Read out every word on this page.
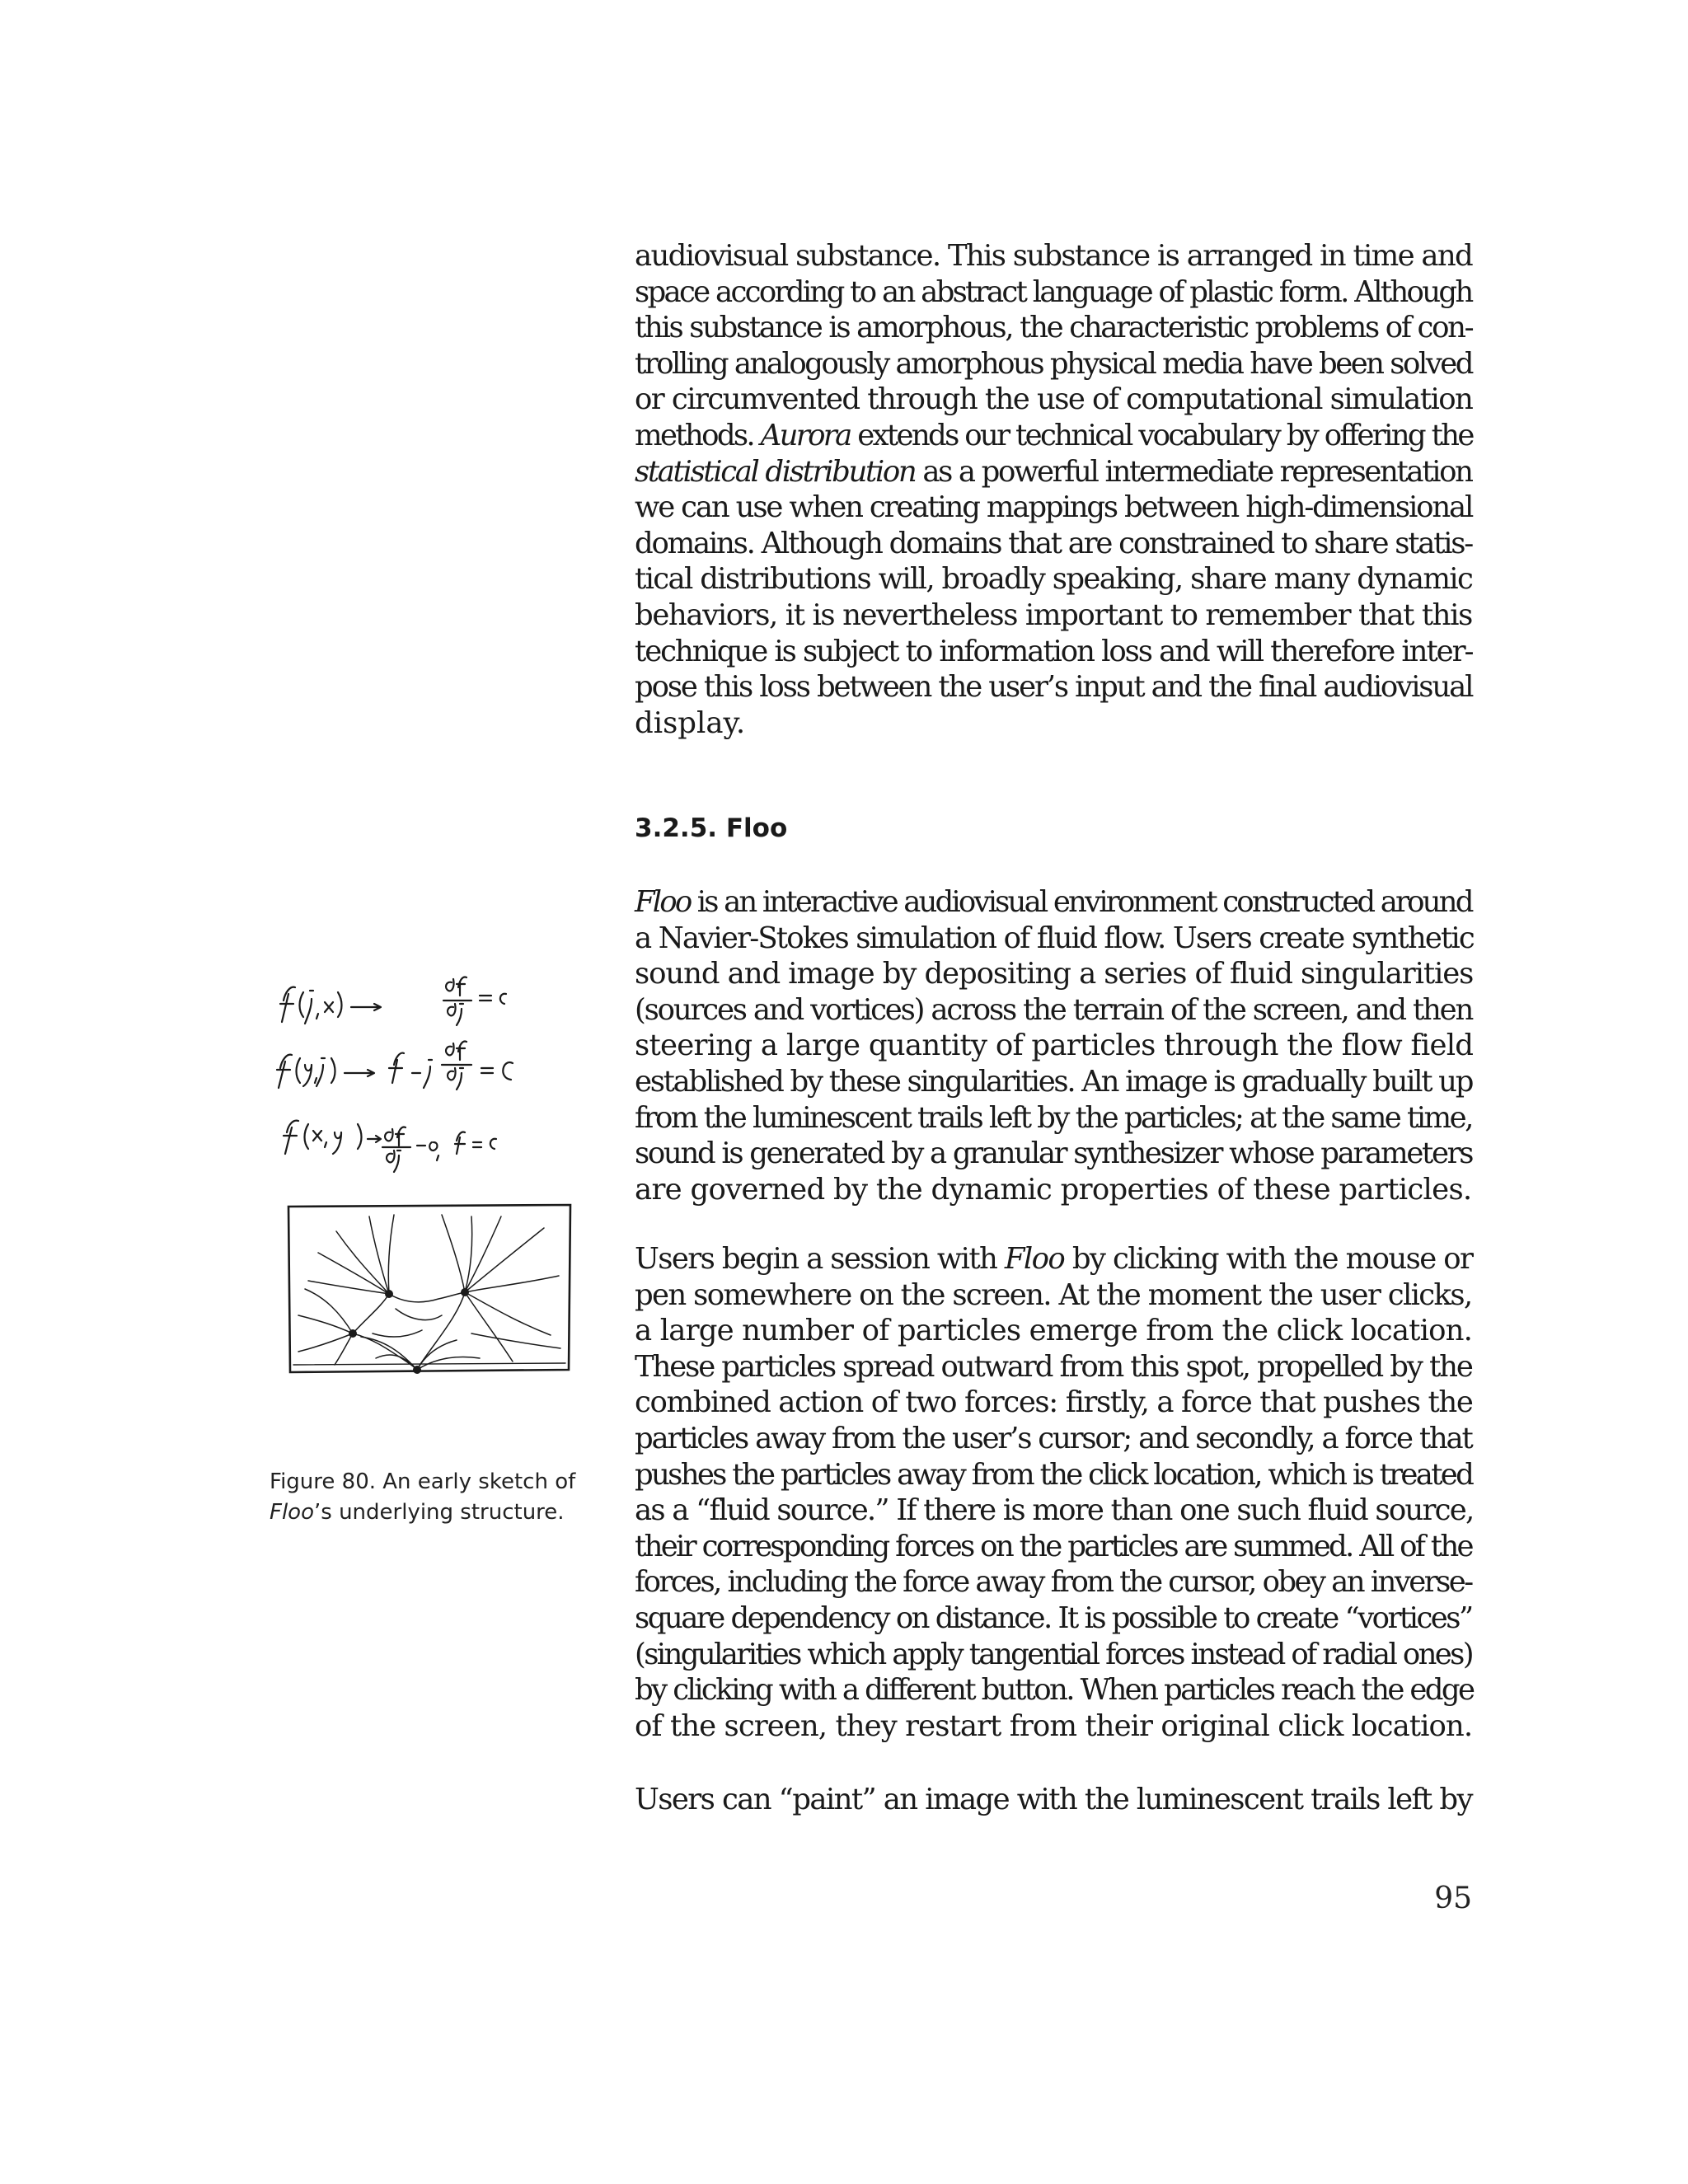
audiovisual substance. This substance is arranged in time and
space according to an abstract language of plastic form. Although
this substance is amorphous, the characteristic problems of con-
trolling analogously amorphous physical media have been solved
or circumvented through the use of computational simulation
methods. Aurora extends our technical vocabulary by offering the
statistical distribution as a powerful intermediate representation
we can use when creating mappings between high-dimensional
domains. Although domains that are constrained to share statis-
tical distributions will, broadly speaking, share many dynamic
behaviors, it is nevertheless important to remember that this
technique is subject to information loss and will therefore inter-
pose this loss between the user’s input and the final audiovisual
display.
3.2.5. Floo
Floo is an interactive audiovisual environment constructed around
a Navier-Stokes simulation of fluid flow. Users create synthetic
sound and image by depositing a series of fluid singularities
(sources and vortices) across the terrain of the screen, and then
steering a large quantity of particles through the flow field
established by these singularities. An image is gradually built up
from the luminescent trails left by the particles; at the same time,
sound is generated by a granular synthesizer whose parameters
are governed by the dynamic properties of these particles.
Users begin a session with Floo by clicking with the mouse or
pen somewhere on the screen. At the moment the user clicks,
a large number of particles emerge from the click location.
These particles spread outward from this spot, propelled by the
combined action of two forces: firstly, a force that pushes the
particles away from the user’s cursor; and secondly, a force that
pushes the particles away from the click location, which is treated
as a “fluid source.” If there is more than one such fluid source,
their corresponding forces on the particles are summed. All of the
forces, including the force away from the cursor, obey an inverse-
square dependency on distance. It is possible to create “vortices”
(singularities which apply tangential forces instead of radial ones)
by clicking with a different button. When particles reach the edge
of the screen, they restart from their original click location.
Users can “paint” an image with the luminescent trails left by
Figure 80. An early sketch of
Floo’s underlying structure.
95
